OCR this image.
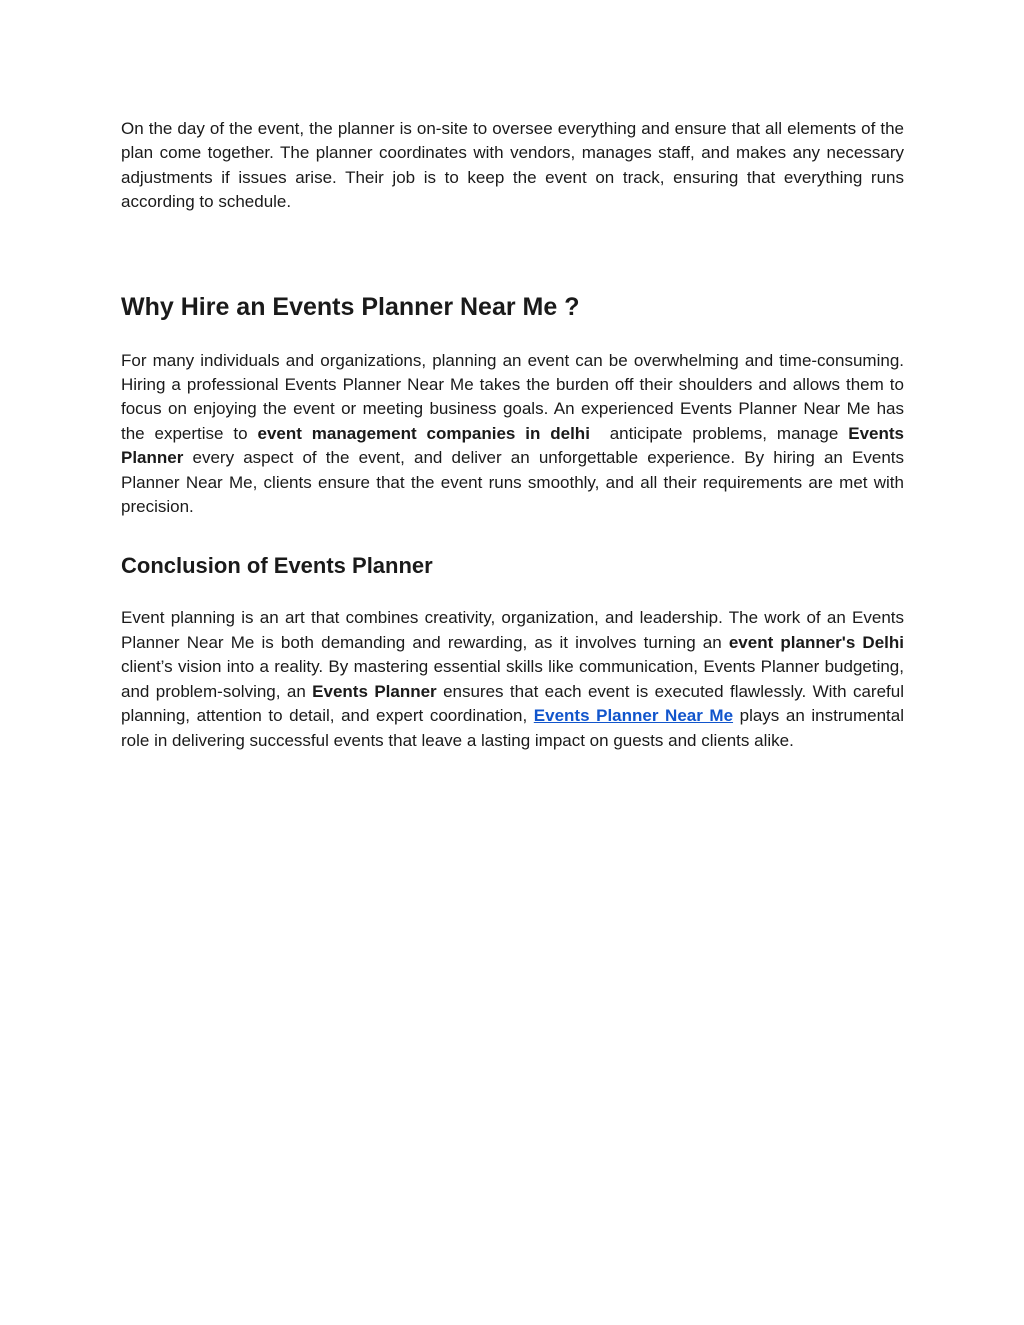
On the day of the event, the planner is on-site to oversee everything and ensure that all elements of the plan come together. The planner coordinates with vendors, manages staff, and makes any necessary adjustments if issues arise. Their job is to keep the event on track, ensuring that everything runs according to schedule.

Why Hire an Events Planner Near Me ?

For many individuals and organizations, planning an event can be overwhelming and time-consuming. Hiring a professional Events Planner Near Me takes the burden off their shoulders and allows them to focus on enjoying the event or meeting business goals. An experienced Events Planner Near Me has the expertise to event management companies in delhi  anticipate problems, manage Events Planner every aspect of the event, and deliver an unforgettable experience. By hiring an Events Planner Near Me, clients ensure that the event runs smoothly, and all their requirements are met with precision.

Conclusion of Events Planner

Event planning is an art that combines creativity, organization, and leadership. The work of an Events Planner Near Me is both demanding and rewarding, as it involves turning an event planner's Delhi client’s vision into a reality. By mastering essential skills like communication, Events Planner budgeting, and problem-solving, an Events Planner ensures that each event is executed flawlessly. With careful planning, attention to detail, and expert coordination, Events Planner Near Me plays an instrumental role in delivering successful events that leave a lasting impact on guests and clients alike.
